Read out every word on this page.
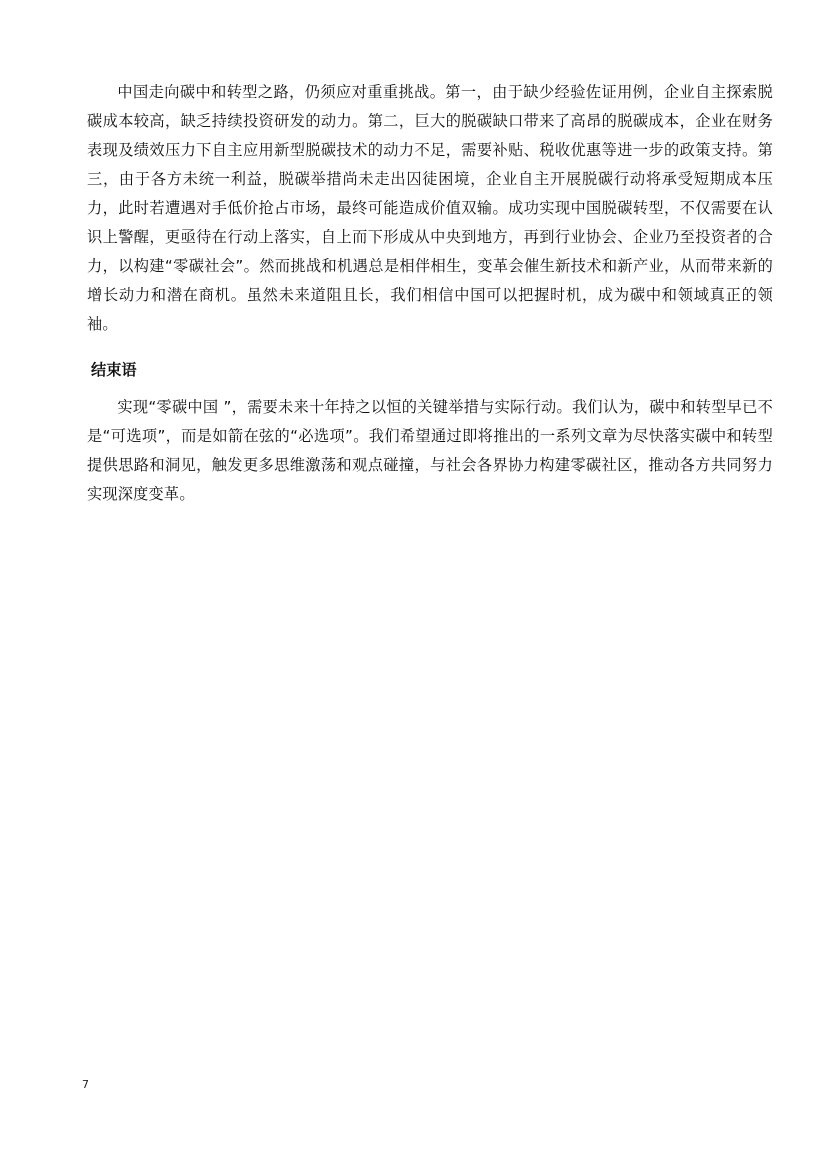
中国走向碳中和转型之路，仍须应对重重挑战。第一，由于缺少经验佐证用例，企业自主探索脱碳成本较高，缺乏持续投资研发的动力。第二，巨大的脱碳缺口带来了高昂的脱碳成本，企业在财务表现及绩效压力下自主应用新型脱碳技术的动力不足，需要补贴、税收优惠等进一步的政策支持。第三，由于各方未统一利益，脱碳举措尚未走出囚徒困境，企业自主开展脱碳行动将承受短期成本压力，此时若遭遇对手低价抢占市场，最终可能造成价值双输。成功实现中国脱碳转型，不仅需要在认识上警醒，更亟待在行动上落实，自上而下形成从中央到地方，再到行业协会、企业乃至投资者的合力，以构建“零碳社会”。然而挑战和机遇总是相伴相生，变革会催生新技术和新产业，从而带来新的增长动力和潜在商机。虽然未来道阻且长，我们相信中国可以把握时机，成为碳中和领域真正的领袖。

结束语

实现“零碳中国 ”，需要未来十年持之以恒的关键举措与实际行动。我们认为，碳中和转型早已不是“可选项”，而是如箭在弦的“必选项”。我们希望通过即将推出的一系列文章为尽快落实碳中和转型提供思路和洞见，触发更多思维激荡和观点碰撞，与社会各界协力构建零碳社区，推动各方共同努力实现深度变革。

7
